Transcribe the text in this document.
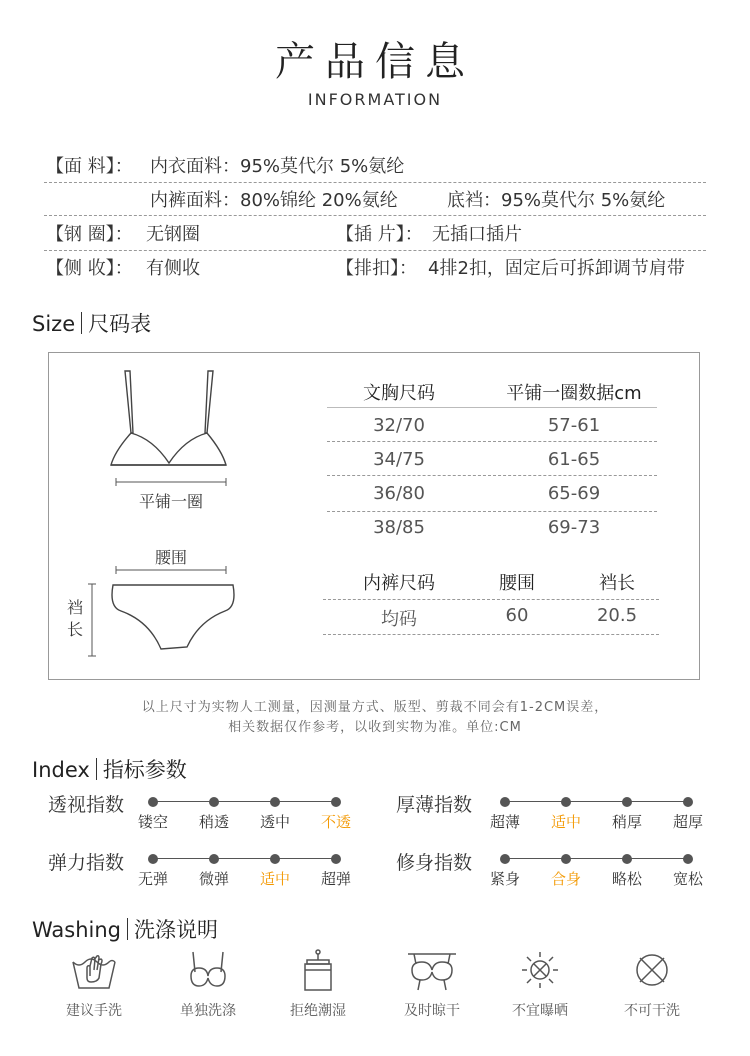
产品信息
INFORMATION
【面 料】： 内衣面料：95%莫代尔 5%氨纶
内裤面料：80%锦纶 20%氨纶	底裆：95%莫代尔 5%氨纶
【钢 圈】： 无钢圈	【插 片】： 无插口插片
【侧 收】： 有侧收	【排扣】： 4排2扣，固定后可拆卸调节肩带
Size 尺码表
平铺一圈
腰围
裆长
文胸尺码	平铺一圈数据cm
32/70	57-61
34/75	61-65
36/80	65-69
38/85	69-73
内裤尺码	腰围	裆长
均码	60	20.5
以上尺寸为实物人工测量，因测量方式、版型、剪裁不同会有1-2CM误差，
相关数据仅作参考，以收到实物为准。单位:CM
Index 指标参数
透视指数
镂空	稍透	透中	不透
厚薄指数
超薄	适中	稍厚	超厚
弹力指数
无弹	微弹	适中	超弹
修身指数
紧身	合身	略松	宽松
Washing 洗涤说明
建议手洗	单独洗涤	拒绝潮湿	及时晾干	不宜曝晒	不可干洗
